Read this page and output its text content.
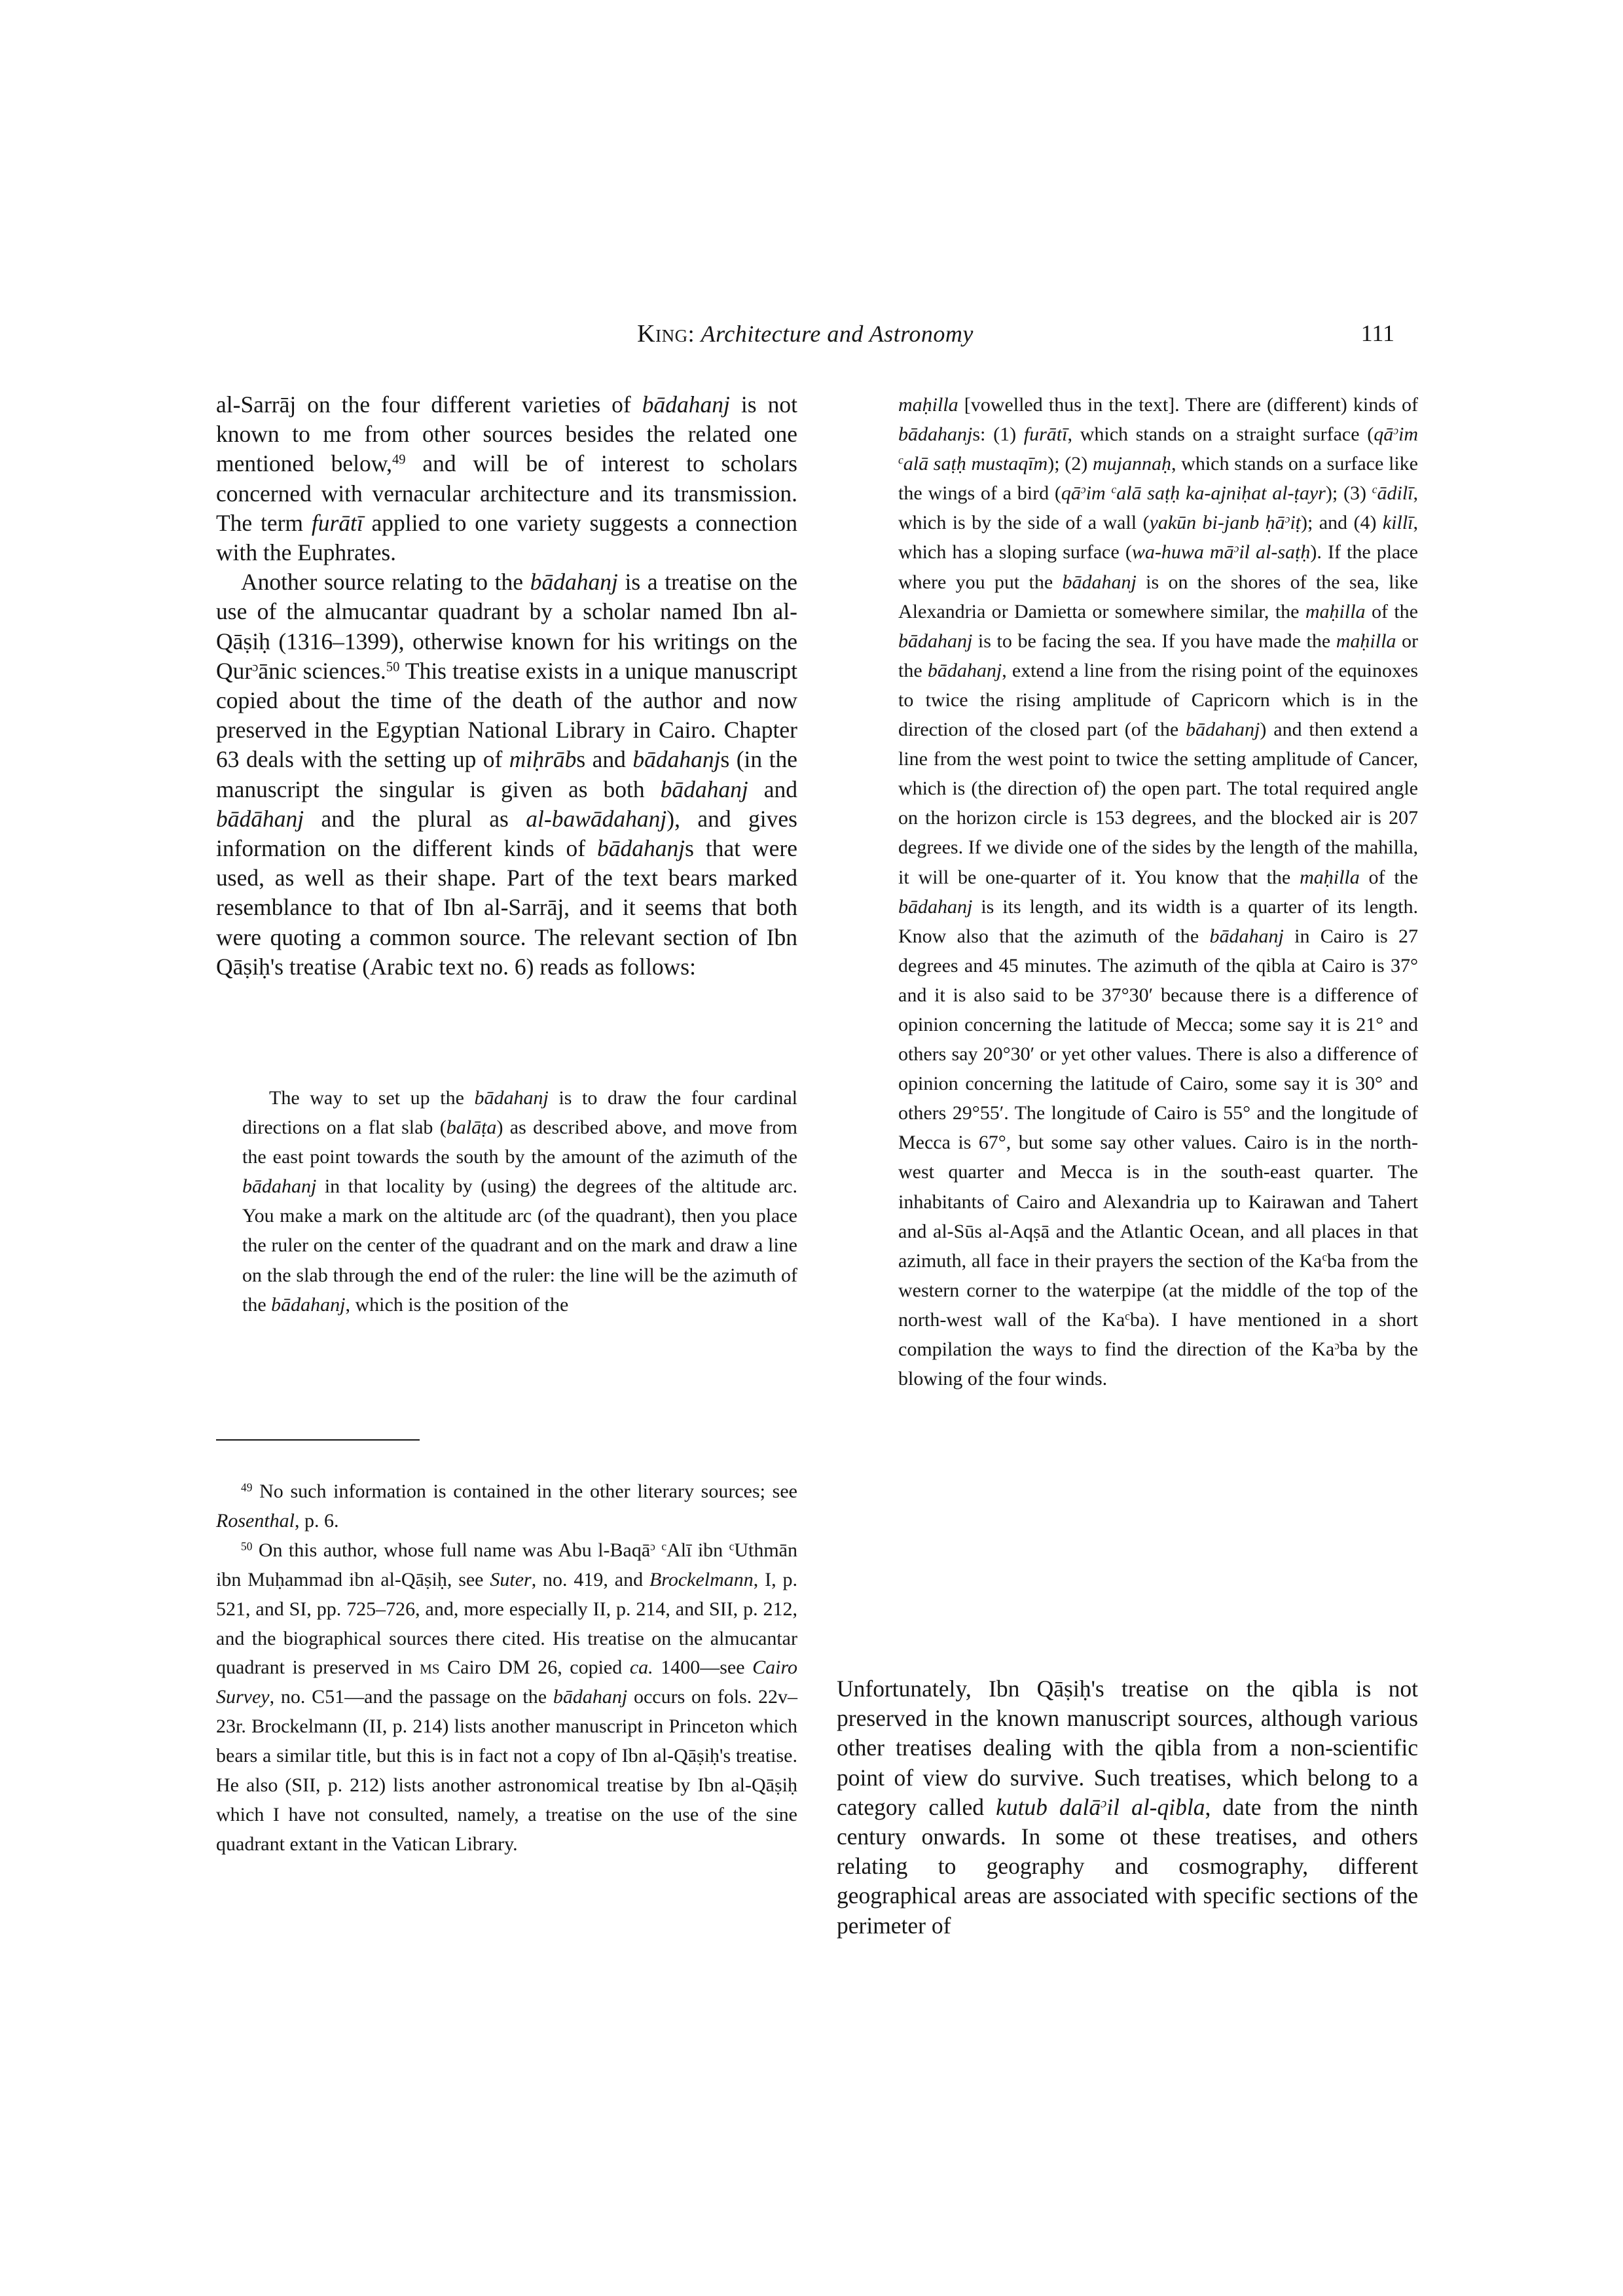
King: Architecture and Astronomy	111

al-Sarrāj on the four different varieties of bādahanj is not known to me from other sources besides the related one mentioned below,$^{49}$ and will be of interest to scholars concerned with vernacular architecture and its transmission. The term furātī applied to one variety suggests a connection with the Euphrates.

Another source relating to the bādahanj is a treatise on the use of the almucantar quadrant by a scholar named Ibn al-Qāṣiḥ (1316–1399), otherwise known for his writings on the Qur$^ɔ$ānic sciences.$^{50}$ This treatise exists in a unique manuscript copied about the time of the death of the author and now preserved in the Egyptian National Library in Cairo. Chapter 63 deals with the setting up of miḥrābs and bādahanjs (in the manuscript the singular is given as both bādahanj and bādāhanj and the plural as al-bawādahanj), and gives information on the different kinds of bādahanjs that were used, as well as their shape. Part of the text bears marked resemblance to that of Ibn al-Sarrāj, and it seems that both were quoting a common source. The relevant section of Ibn Qāṣiḥ's treatise (Arabic text no. 6) reads as follows:

The way to set up the bādahanj is to draw the four cardinal directions on a flat slab (balāṭa) as described above, and move from the east point towards the south by the amount of the azimuth of the bādahanj in that locality by (using) the degrees of the altitude arc. You make a mark on the altitude arc (of the quadrant), then you place the ruler on the center of the quadrant and on the mark and draw a line on the slab through the end of the ruler: the line will be the azimuth of the bādahanj, which is the position of the

$^{49}$ No such information is contained in the other literary sources; see Rosenthal, p. 6.

$^{50}$ On this author, whose full name was Abu l-Baqā$^ɔ$ $^c$Alī ibn $^c$Uthmān ibn Muḥammad ibn al-Qāṣiḥ, see Suter, no. 419, and Brockelmann, I, p. 521, and SI, pp. 725–726, and, more especially II, p. 214, and SII, p. 212, and the biographical sources there cited. His treatise on the almucantar quadrant is preserved in ms Cairo DM 26, copied ca. 1400—see Cairo Survey, no. C51—and the passage on the bādahanj occurs on fols. 22v–23r. Brockelmann (II, p. 214) lists another manuscript in Princeton which bears a similar title, but this is in fact not a copy of Ibn al-Qāṣiḥ's treatise. He also (SII, p. 212) lists another astronomical treatise by Ibn al-Qāṣiḥ which I have not consulted, namely, a treatise on the use of the sine quadrant extant in the Vatican Library.

maḥilla [vowelled thus in the text]. There are (different) kinds of bādahanjs: (1) furātī, which stands on a straight surface ($qā^ɔim$ $^c$alā saṭḥ mustaqīm); (2) mujannaḥ, which stands on a surface like the wings of a bird ($qā^ɔim$ $^c$alā saṭḥ ka-ajniḥat al-ṭayr); (3) $^c$ādilī, which is by the side of a wall (yakūn bi-janb ḥā$^ɔ$iṭ); and (4) killī, which has a sloping surface (wa-huwa $mā^ɔil$ al-saṭḥ). If the place where you put the bādahanj is on the shores of the sea, like Alexandria or Damietta or somewhere similar, the maḥilla of the bādahanj is to be facing the sea. If you have made the maḥilla or the bādahanj, extend a line from the rising point of the equinoxes to twice the rising amplitude of Capricorn which is in the direction of the closed part (of the bādahanj) and then extend a line from the west point to twice the setting amplitude of Cancer, which is (the direction of) the open part. The total required angle on the horizon circle is 153 degrees, and the blocked air is 207 degrees. If we divide one of the sides by the length of the mahilla, it will be one-quarter of it. You know that the maḥilla of the bādahanj is its length, and its width is a quarter of its length. Know also that the azimuth of the bādahanj in Cairo is 27 degrees and 45 minutes. The azimuth of the qibla at Cairo is 37° and it is also said to be 37°30′ because there is a difference of opinion concerning the latitude of Mecca; some say it is 21° and others say 20°30′ or yet other values. There is also a difference of opinion concerning the latitude of Cairo, some say it is 30° and others 29°55′. The longitude of Cairo is 55° and the longitude of Mecca is 67°, but some say other values. Cairo is in the north-west quarter and Mecca is in the south-east quarter. The inhabitants of Cairo and Alexandria up to Kairawan and Tahert and al-Sūs al-Aqṣā and the Atlantic Ocean, and all places in that azimuth, all face in their prayers the section of the Ka$^c$ba from the western corner to the waterpipe (at the middle of the top of the north-west wall of the Ka$^c$ba). I have mentioned in a short compilation the ways to find the direction of the $Ka^ɔba$ by the blowing of the four winds.
Unfortunately, Ibn Qāṣiḥ's treatise on the qibla is not preserved in the known manuscript sources, although various other treatises dealing with the qibla from a non-scientific point of view do survive. Such treatises, which belong to a category called kutub dalā$^ɔ$il al-qibla, date from the ninth century onwards. In some ot these treatises, and others relating to geography and cosmography, different geographical areas are associated with specific sections of the perimeter of
